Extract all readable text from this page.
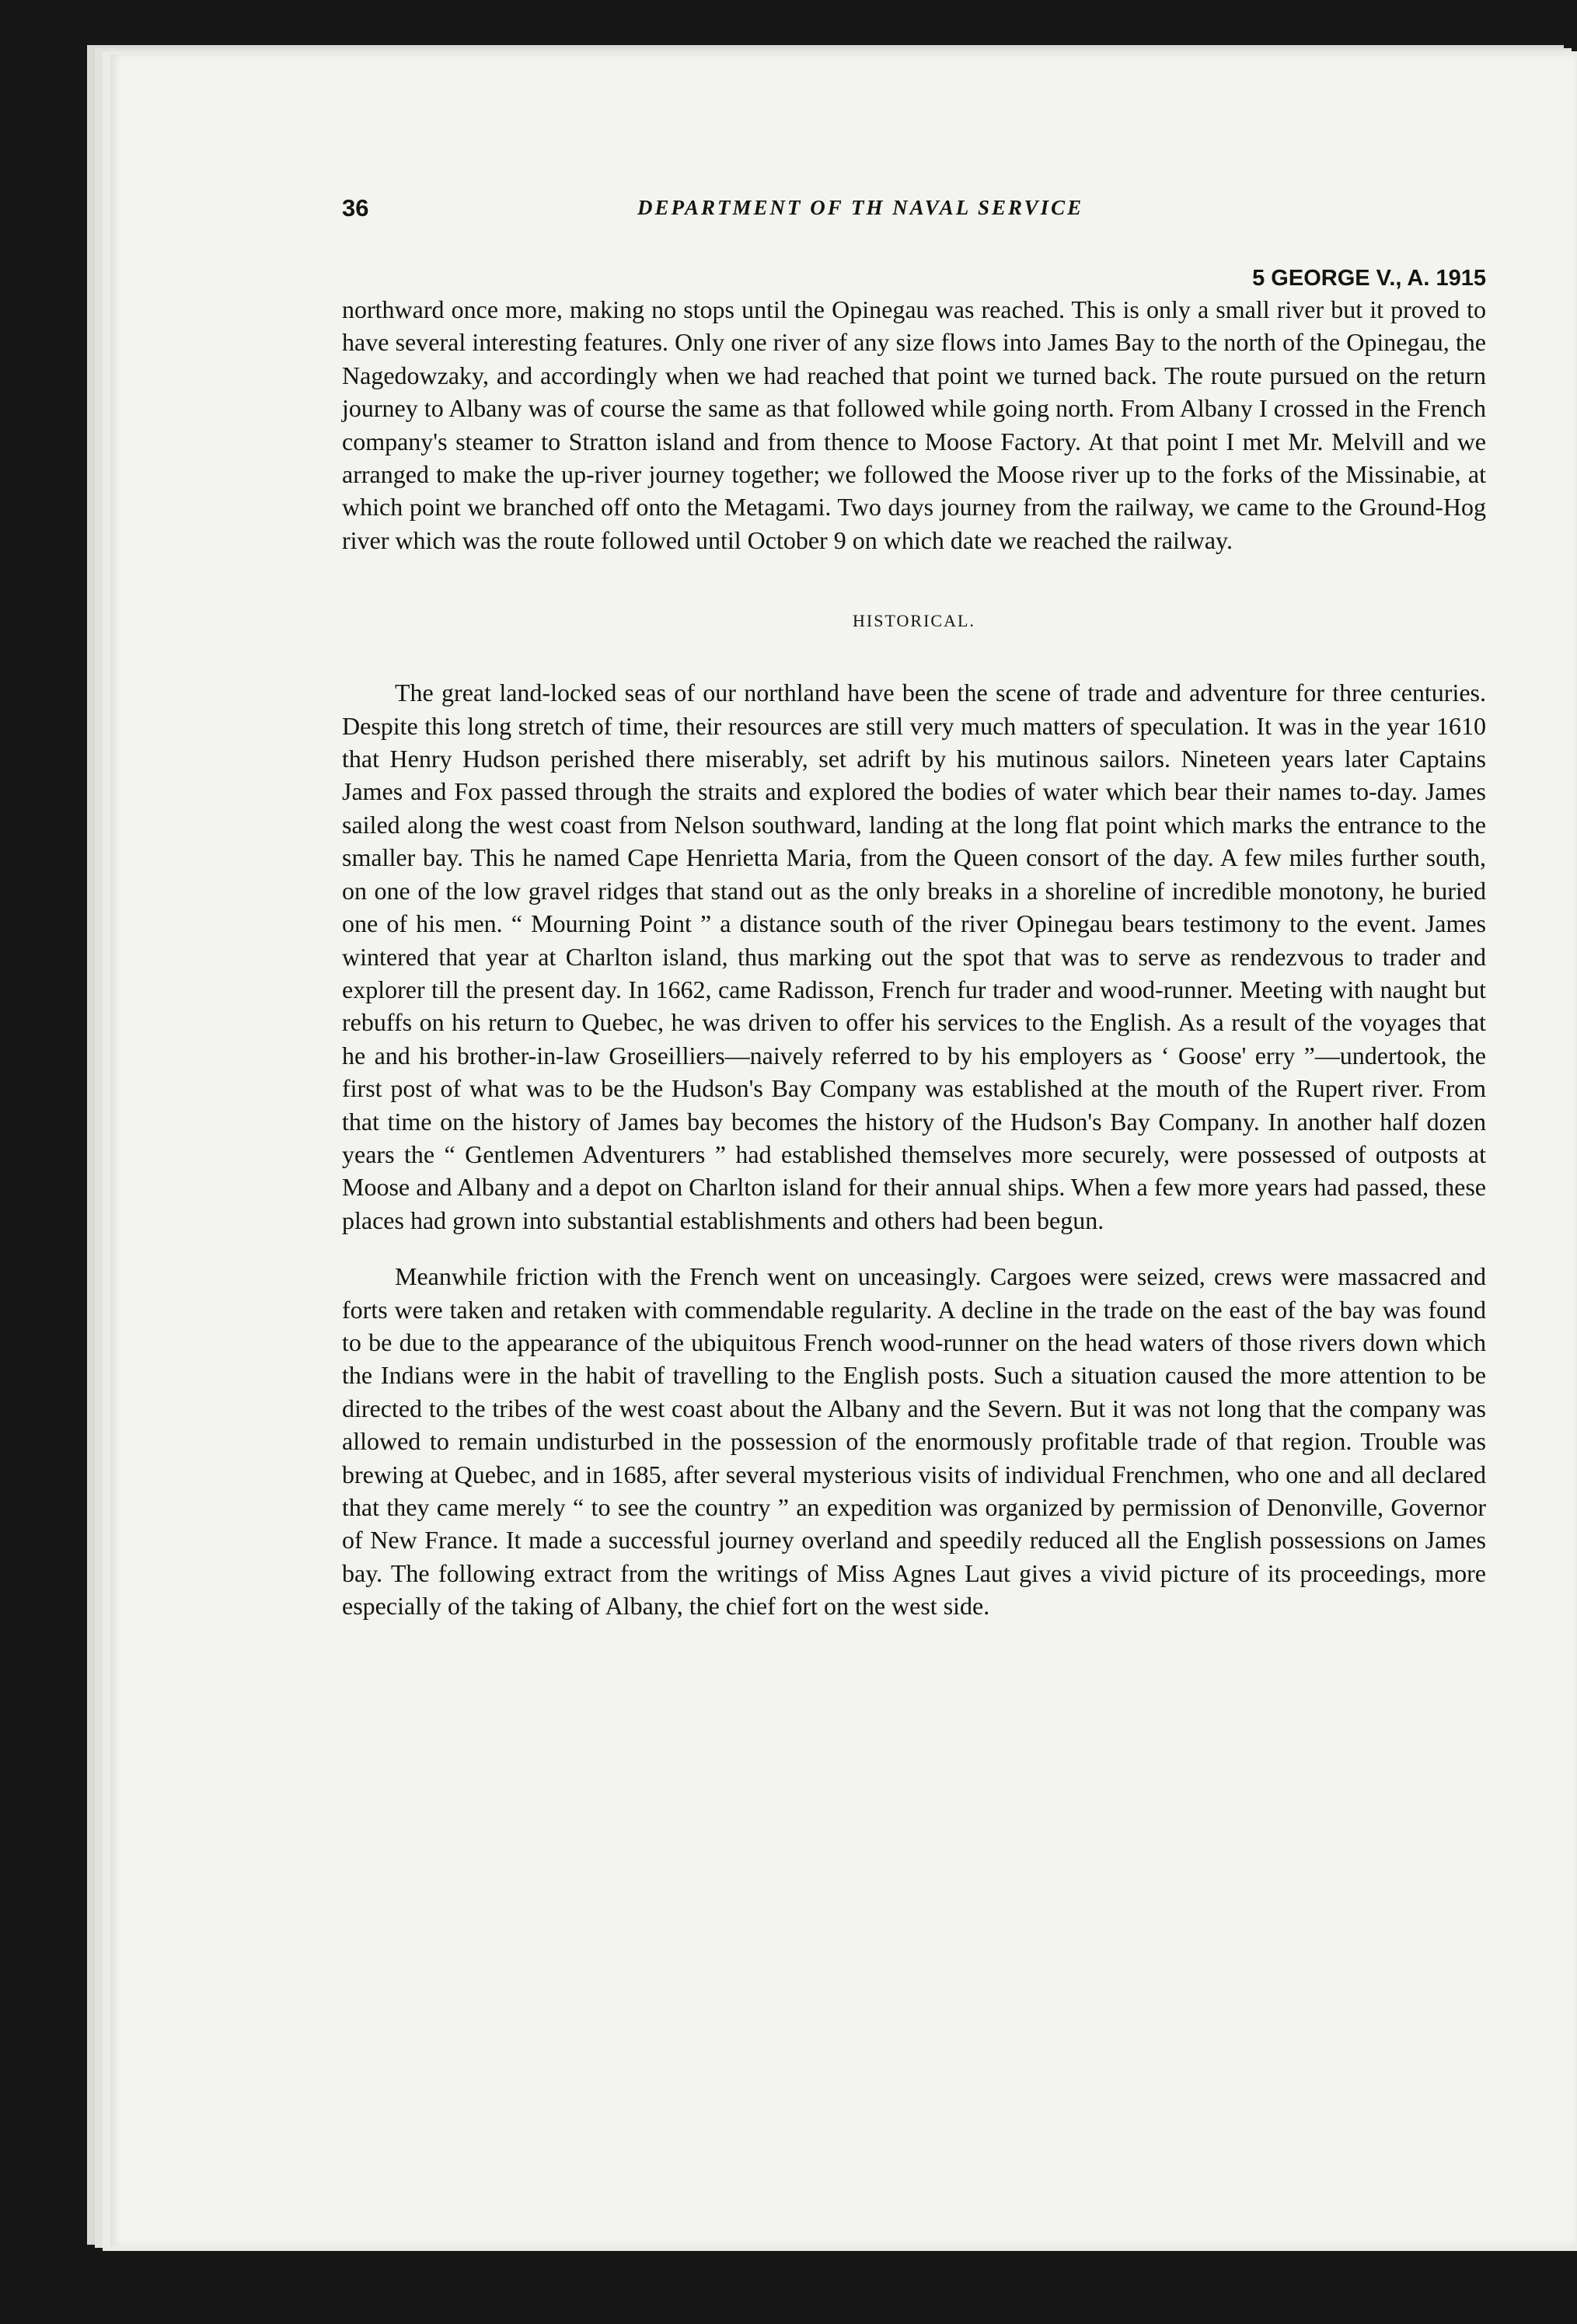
36	DEPARTMENT OF TH NAVAL SERVICE
5 GEORGE V., A. 1915

northward once more, making no stops until the Opinegau was reached. This is only a small river but it proved to have several interesting features. Only one river of any size flows into James Bay to the north of the Opinegau, the Nagedowzaky, and accordingly when we had reached that point we turned back. The route pursued on the return journey to Albany was of course the same as that followed while going north. From Albany I crossed in the French company's steamer to Stratton island and from thence to Moose Factory. At that point I met Mr. Melvill and we arranged to make the up-river journey together; we followed the Moose river up to the forks of the Missinabie, at which point we branched off onto the Metagami. Two days journey from the railway, we came to the Ground-Hog river which was the route followed until October 9 on which date we reached the railway.

HISTORICAL.

The great land-locked seas of our northland have been the scene of trade and adventure for three centuries. Despite this long stretch of time, their resources are still very much matters of speculation. It was in the year 1610 that Henry Hudson perished there miserably, set adrift by his mutinous sailors. Nineteen years later Captains James and Fox passed through the straits and explored the bodies of water which bear their names to-day. James sailed along the west coast from Nelson southward, landing at the long flat point which marks the entrance to the smaller bay. This he named Cape Henrietta Maria, from the Queen consort of the day. A few miles further south, on one of the low gravel ridges that stand out as the only breaks in a shoreline of incredible monotony, he buried one of his men. “ Mourning Point ” a distance south of the river Opinegau bears testimony to the event. James wintered that year at Charlton island, thus marking out the spot that was to serve as rendezvous to trader and explorer till the present day. In 1662, came Radisson, French fur trader and wood-runner. Meeting with naught but rebuffs on his return to Quebec, he was driven to offer his services to the English. As a result of the voyages that he and his brother-in-law Groseilliers—naively referred to by his employers as ‘ Goose' erry ”—undertook, the first post of what was to be the Hudson's Bay Company was established at the mouth of the Rupert river. From that time on the history of James bay becomes the history of the Hudson's Bay Company. In another half dozen years the “ Gentlemen Adventurers ” had established themselves more securely, were possessed of outposts at Moose and Albany and a depot on Charlton island for their annual ships. When a few more years had passed, these places had grown into substantial establishments and others had been begun.

Meanwhile friction with the French went on unceasingly. Cargoes were seized, crews were massacred and forts were taken and retaken with commendable regularity. A decline in the trade on the east of the bay was found to be due to the appearance of the ubiquitous French wood-runner on the head waters of those rivers down which the Indians were in the habit of travelling to the English posts. Such a situation caused the more attention to be directed to the tribes of the west coast about the Albany and the Severn. But it was not long that the company was allowed to remain undisturbed in the possession of the enormously profitable trade of that region. Trouble was brewing at Quebec, and in 1685, after several mysterious visits of individual Frenchmen, who one and all declared that they came merely “ to see the country ” an expedition was organized by permission of Denonville, Governor of New France. It made a successful journey overland and speedily reduced all the English possessions on James bay. The following extract from the writings of Miss Agnes Laut gives a vivid picture of its proceedings, more especially of the taking of Albany, the chief fort on the west side.
